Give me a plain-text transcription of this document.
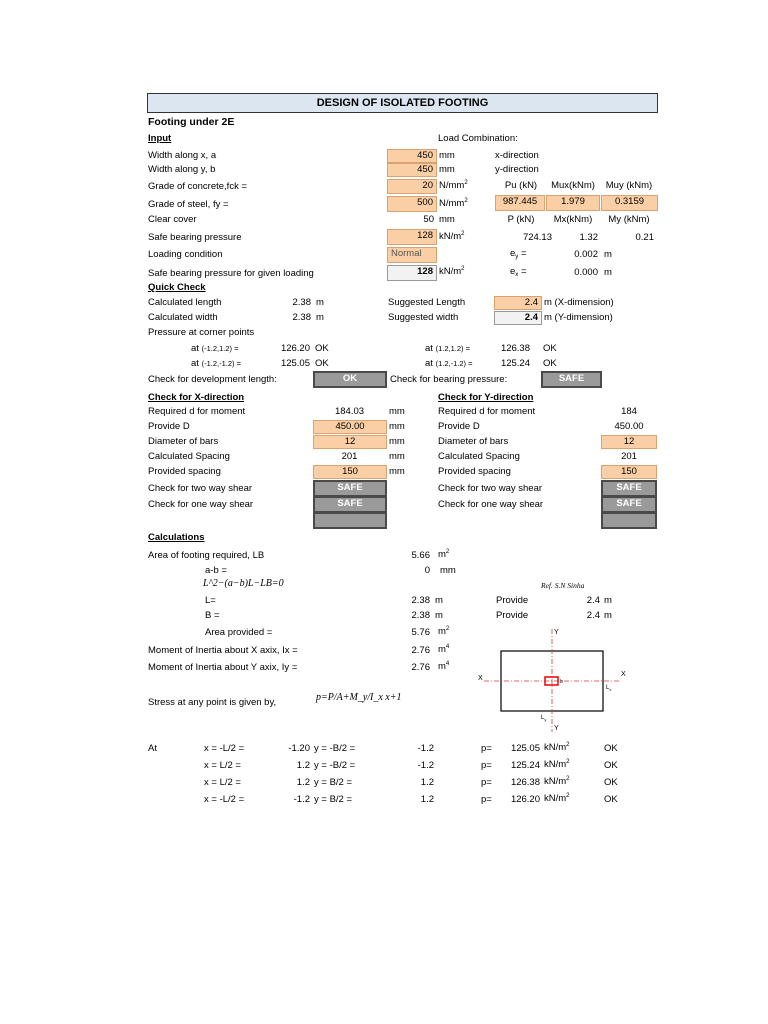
DESIGN OF ISOLATED FOOTING
Footing under 2E
Input	Load Combination:
Width along x, a	450 mm	x-direction
Width along y, b	450 mm	y-direction
Grade of concrete,fck =	20 $N/mm^2$	Pu (kN)	Mux(kNm)	Muy (kNm)
Grade of steel, fy =	500 $N/mm^2$	987.445	1.979	0.3159
Clear cover	50 mm	P (kN)	Mx(kNm)	My (kNm)
Safe bearing pressure	128 $kN/m^2$	724.13	1.32	0.21
Loading condition	Normal	ey =	0.002 m
Safe bearing pressure for given loading	128 $kN/m^2$	ex =	0.000 m
Quick Check
Calculated length	2.38 m	Suggested Length	2.4 m (X-dimension)
Calculated width	2.38 m	Suggested width	2.4 m (Y-dimension)
Pressure at corner points
at (-1.2,1.2) =	126.20 OK	at (1.2,1.2) =	126.38 OK
at (-1.2,-1.2) =	125.05 OK	at (1.2,-1.2) =	125.24 OK
Check for development length:	OK	Check for bearing pressure:	SAFE
Check for X-direction
Required d for moment	184.03	mm
Provide D	450.00	mm
Diameter of bars	12	mm
Calculated Spacing	201	mm
Provided spacing	150	mm
Check for two way shear	SAFE
Check for one way shear	SAFE
Check for Y-direction
Required d for moment	184
Provide D	450.00
Diameter of bars	12
Calculated Spacing	201
Provided spacing	150
Check for two way shear	SAFE
Check for one way shear	SAFE
Calculations
Area of footing required, LB	5.66 $m^2$
a-b =	0 mm
L^2−(a−b)L−LB=0	Ref. S.N Sinha
L=	2.38 m	Provide	2.4 m
B =	2.38 m	Provide	2.4 m
Area provided =	5.76 $m^2$
Moment of Inertia about X axix, Ix =	2.76 $m^4$
Moment of Inertia about Y axix, Iy =	2.76 $m^4$
Stress at any point is given by,	p=P/A+M_y/I_x x+1
X
X
Y
Y
b
$L_x$
$L_y$
At	x = -L/2 =	-1.20 y = -B/2 =	-1.2	p=	125.05 $kN/m^2$	OK
x = L/2 =	1.2 y = -B/2 =	-1.2	p=	125.24 $kN/m^2$	OK
x = L/2 =	1.2 y = B/2 =	1.2	p=	126.38 $kN/m^2$	OK
x = -L/2 =	-1.2 y = B/2 =	1.2	p=	126.20 $kN/m^2$	OK
